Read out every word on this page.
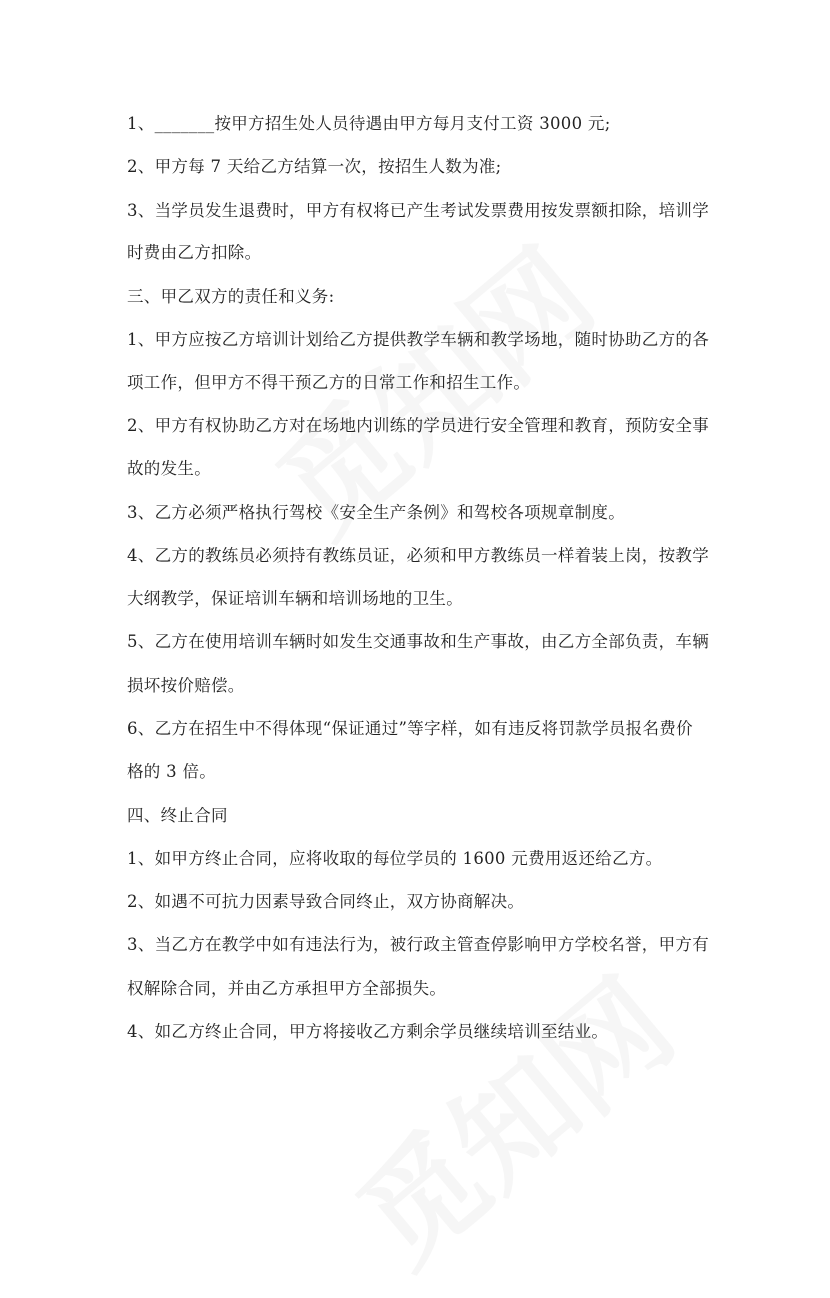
1、_______按甲方招生处人员待遇由甲方每月支付工资 3000 元;
2、甲方每 7 天给乙方结算一次，按招生人数为准;
3、当学员发生退费时，甲方有权将已产生考试发票费用按发票额扣除，培训学
时费由乙方扣除。
三、甲乙双方的责任和义务:
1、甲方应按乙方培训计划给乙方提供教学车辆和教学场地，随时协助乙方的各
项工作，但甲方不得干预乙方的日常工作和招生工作。
2、甲方有权协助乙方对在场地内训练的学员进行安全管理和教育，预防安全事
故的发生。
3、乙方必须严格执行驾校《安全生产条例》和驾校各项规章制度。
4、乙方的教练员必须持有教练员证，必须和甲方教练员一样着装上岗，按教学
大纲教学，保证培训车辆和培训场地的卫生。
5、乙方在使用培训车辆时如发生交通事故和生产事故，由乙方全部负责，车辆
损坏按价赔偿。
6、乙方在招生中不得体现“保证通过”等字样，如有违反将罚款学员报名费价
格的 3 倍。
四、终止合同
1、如甲方终止合同，应将收取的每位学员的 1600 元费用返还给乙方。
2、如遇不可抗力因素导致合同终止，双方协商解决。
3、当乙方在教学中如有违法行为，被行政主管查停影响甲方学校名誉，甲方有
权解除合同，并由乙方承担甲方全部损失。
4、如乙方终止合同，甲方将接收乙方剩余学员继续培训至结业。
